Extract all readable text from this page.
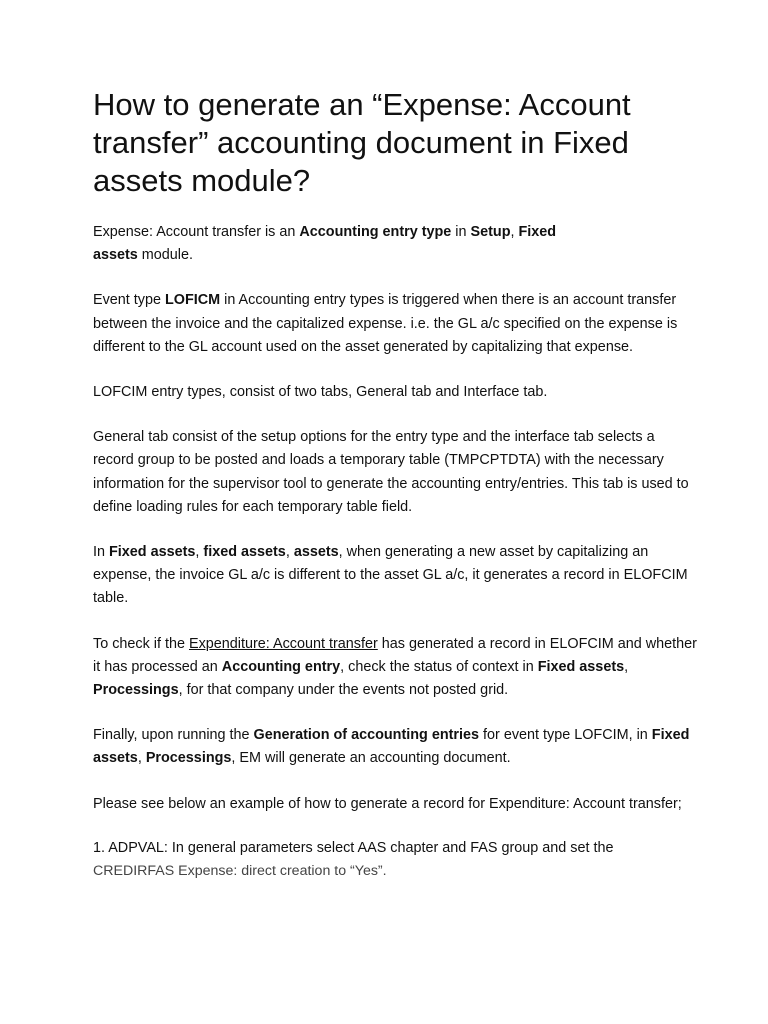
How to generate an “Expense: Account transfer” accounting document in Fixed assets module?

Expense: Account transfer is an Accounting entry type in Setup, Fixed assets module.

Event type LOFICM in Accounting entry types is triggered when there is an account transfer between the invoice and the capitalized expense. i.e. the GL a/c specified on the expense is different to the GL account used on the asset generated by capitalizing that expense.

LOFCIM entry types, consist of two tabs, General tab and Interface tab.

General tab consist of the setup options for the entry type and the interface tab selects a record group to be posted and loads a temporary table (TMPCPTDTA) with the necessary information for the supervisor tool to generate the accounting entry/entries. This tab is used to define loading rules for each temporary table field.

In Fixed assets, fixed assets, assets, when generating a new asset by capitalizing an expense, the invoice GL a/c is different to the asset GL a/c, it generates a record in ELOFCIM table.

To check if the Expenditure: Account transfer has generated a record in ELOFCIM and whether it has processed an Accounting entry, check the status of context in Fixed assets, Processings, for that company under the events not posted grid.

Finally, upon running the Generation of accounting entries for event type LOFCIM, in Fixed assets, Processings, EM will generate an accounting document.

Please see below an example of how to generate a record for Expenditure: Account transfer;

1. ADPVAL: In general parameters select AAS chapter and FAS group and set the
CREDIRFAS Expense: direct creation to “Yes”.
